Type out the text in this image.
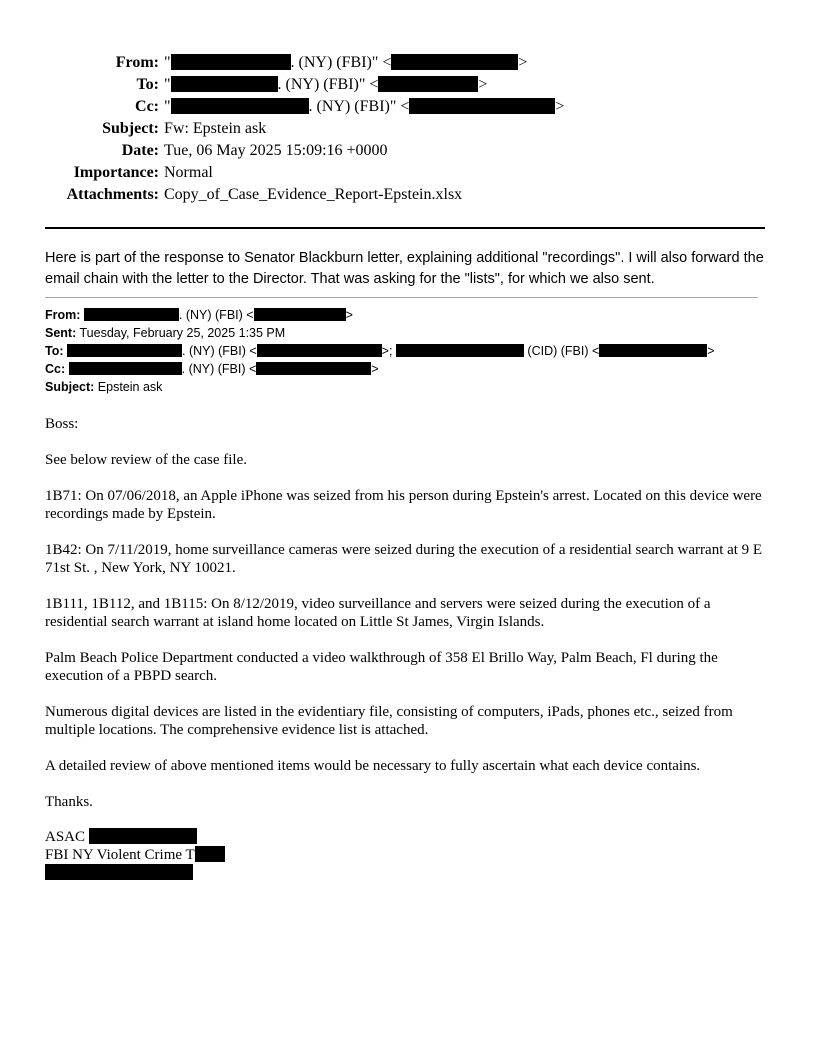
From: "	. (NY) (FBI)" <	>
To: "	. (NY) (FBI)" <	>
Cc: "	. (NY) (FBI)" <	>
Subject: Fw: Epstein ask
Date: Tue, 06 May 2025 15:09:16 +0000
Importance: Normal
Attachments: Copy_of_Case_Evidence_Report-Epstein.xlsx
Here is part of the response to Senator Blackburn letter, explaining additional "recordings". I will also forward the email chain with the letter to the Director. That was asking for the "lists", for which we also sent.
From:	. (NY) (FBI) <	>
Sent: Tuesday, February 25, 2025 1:35 PM
To:	. (NY) (FBI) <	>;	(CID) (FBI) <	>
Cc:	. (NY) (FBI) <	>
Subject: Epstein ask

Boss:

See below review of the case file.

1B71: On 07/06/2018, an Apple iPhone was seized from his person during Epstein's arrest. Located on this device were recordings made by Epstein.

1B42: On 7/11/2019, home surveillance cameras were seized during the execution of a residential search warrant at 9 E 71st St. , New York, NY 10021.

1B111, 1B112, and 1B115: On 8/12/2019, video surveillance and servers were seized during the execution of a residential search warrant at island home located on Little St James, Virgin Islands.

Palm Beach Police Department conducted a video walkthrough of 358 El Brillo Way, Palm Beach, Fl during the execution of a PBPD search.

Numerous digital devices are listed in the evidentiary file, consisting of computers, iPads, phones etc., seized from multiple locations. The comprehensive evidence list is attached.

A detailed review of above mentioned items would be necessary to fully ascertain what each device contains.

Thanks.

ASAC
FBI NY Violent Crime T
